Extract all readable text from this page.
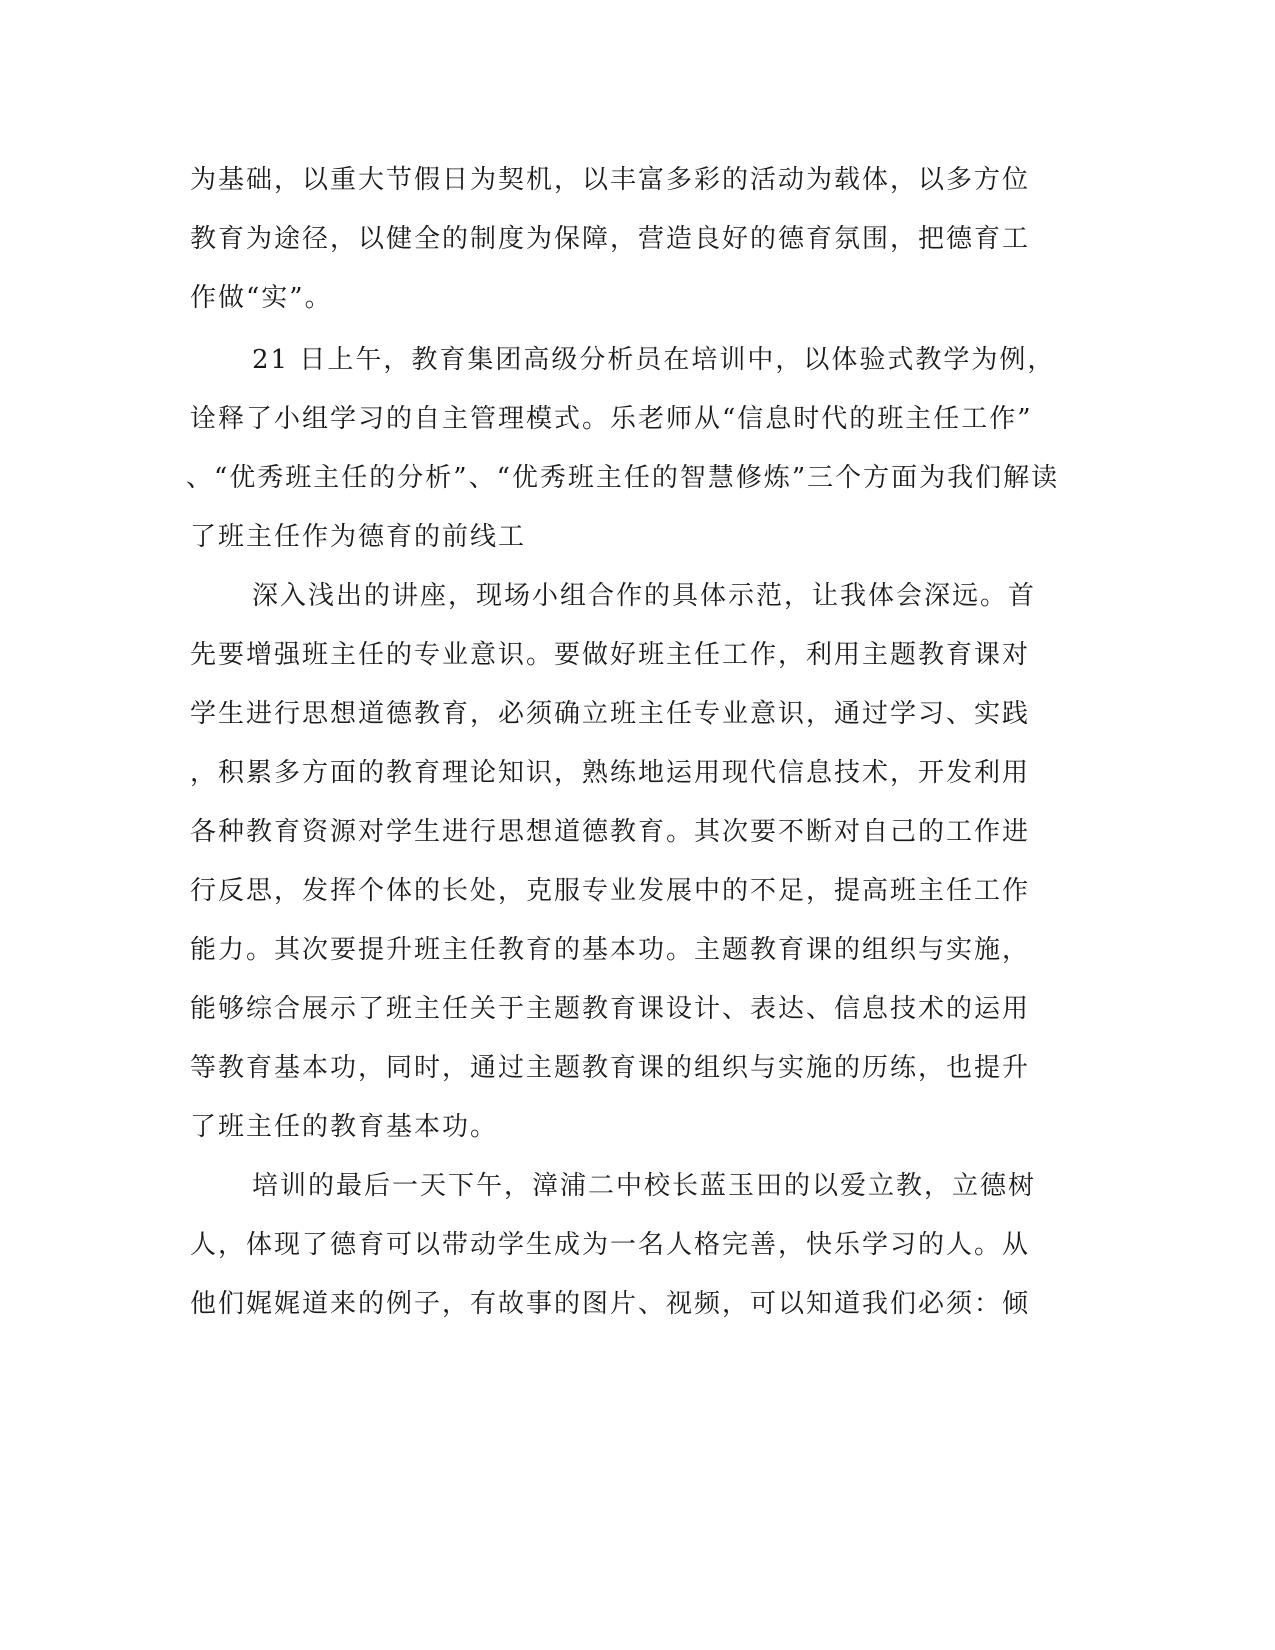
为基础，以重大节假日为契机，以丰富多彩的活动为载体，以多方位
教育为途径，以健全的制度为保障，营造良好的德育氛围，把德育工
作做“实”。
21 日上午，教育集团高级分析员在培训中，以体验式教学为例，
诠释了小组学习的自主管理模式。乐老师从“信息时代的班主任工作”
、“优秀班主任的分析”、“优秀班主任的智慧修炼”三个方面为我们解读
了班主任作为德育的前线工
深入浅出的讲座，现场小组合作的具体示范，让我体会深远。首
先要增强班主任的专业意识。要做好班主任工作，利用主题教育课对
学生进行思想道德教育，必须确立班主任专业意识，通过学习、实践
，积累多方面的教育理论知识，熟练地运用现代信息技术，开发利用
各种教育资源对学生进行思想道德教育。其次要不断对自己的工作进
行反思，发挥个体的长处，克服专业发展中的不足，提高班主任工作
能力。其次要提升班主任教育的基本功。主题教育课的组织与实施，
能够综合展示了班主任关于主题教育课设计、表达、信息技术的运用
等教育基本功，同时，通过主题教育课的组织与实施的历练，也提升
了班主任的教育基本功。
培训的最后一天下午，漳浦二中校长蓝玉田的以爱立教，立德树
人，体现了德育可以带动学生成为一名人格完善，快乐学习的人。从
他们娓娓道来的例子，有故事的图片、视频，可以知道我们必须：倾
